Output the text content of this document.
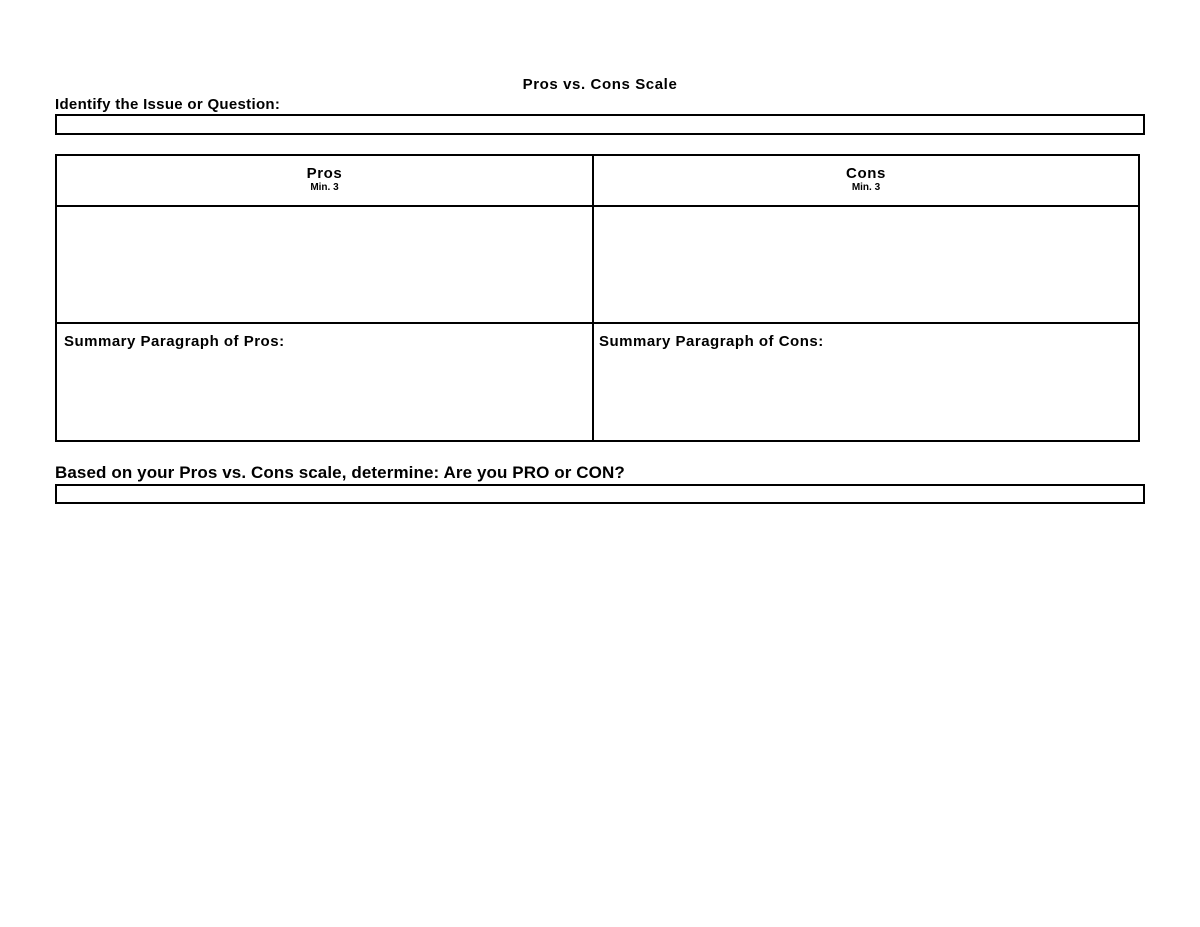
Pros vs. Cons Scale
Identify the Issue or Question:
Pros
Min. 3
Cons
Min. 3
Summary Paragraph of Pros:	Summary Paragraph of Cons:
Based on your Pros vs. Cons scale, determine: Are you PRO or CON?
